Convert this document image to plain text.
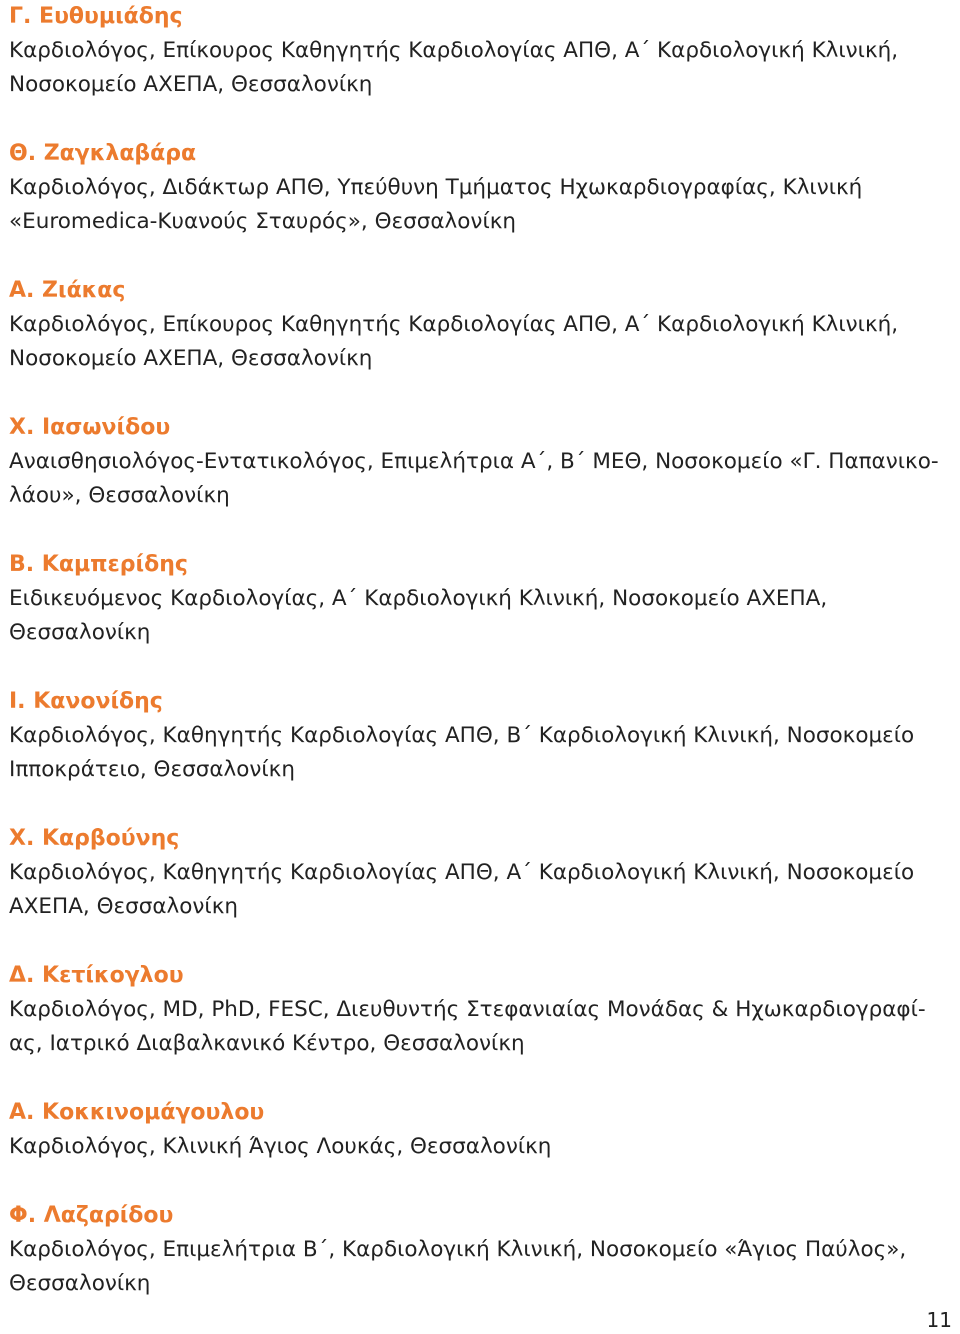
Γ. Ευθυμιάδης
Καρδιολόγος, Επίκουρος Καθηγητής Καρδιολογίας ΑΠΘ, Α΄ Καρδιολογική Κλινική,
Νοσοκομείο ΑΧΕΠΑ, Θεσσαλονίκη
Θ. Ζαγκλαβάρα
Καρδιολόγος, Διδάκτωρ ΑΠΘ, Υπεύθυνη Τμήματος Ηχωκαρδιογραφίας, Κλινική
«Euromedica-Κυανούς Σταυρός», Θεσσαλονίκη
Α. Ζιάκας
Καρδιολόγος, Επίκουρος Καθηγητής Καρδιολογίας ΑΠΘ, Α΄ Καρδιολογική Κλινική,
Νοσοκομείο ΑΧΕΠΑ, Θεσσαλονίκη
Χ. Ιασωνίδου
Αναισθησιολόγος-Εντατικολόγος, Επιμελήτρια Α΄, Β΄ ΜΕΘ, Νοσοκομείο «Γ. Παπανικο-
λάου», Θεσσαλονίκη
Β. Καμπερίδης
Ειδικευόμενος Καρδιολογίας, Α΄ Καρδιολογική Κλινική, Νοσοκομείο ΑΧΕΠΑ,
Θεσσαλονίκη
Ι. Κανονίδης
Καρδιολόγος, Καθηγητής Καρδιολογίας ΑΠΘ, Β΄ Καρδιολογική Κλινική, Νοσοκομείο
Ιπποκράτειο, Θεσσαλονίκη
Χ. Καρβούνης
Καρδιολόγος, Καθηγητής Καρδιολογίας ΑΠΘ, Α΄ Καρδιολογική Κλινική, Νοσοκομείο
ΑΧΕΠΑ, Θεσσαλονίκη
Δ. Κετίκογλου
Καρδιολόγος, MD, PhD, FESC, Διευθυντής Στεφανιαίας Μονάδας & Ηχωκαρδιογραφί-
ας, Ιατρικό Διαβαλκανικό Κέντρο, Θεσσαλονίκη
Α. Κοκκινομάγουλου
Καρδιολόγος, Κλινική Άγιος Λουκάς, Θεσσαλονίκη
Φ. Λαζαρίδου
Καρδιολόγος, Επιμελήτρια Β΄, Καρδιολογική Κλινική, Νοσοκομείο «Άγιος Παύλος»,
Θεσσαλονίκη
11
